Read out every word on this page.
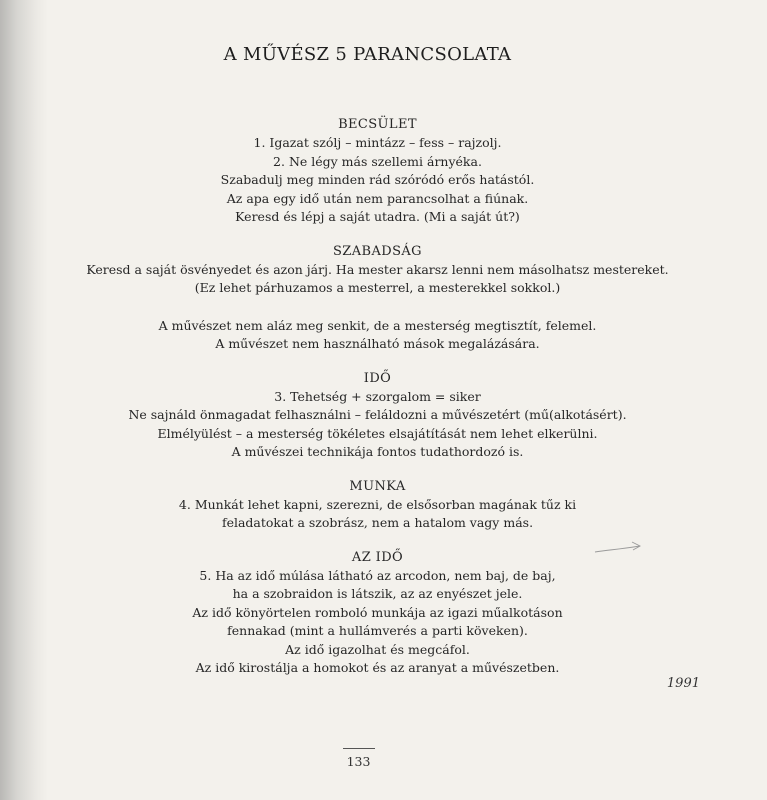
A MŰVÉSZ 5 PARANCSOLATA
BECSÜLET
1. Igazat szólj – mintázz – fess – rajzolj.
2. Ne légy más szellemi árnyéka.
Szabadulj meg minden rád szóródó erős hatástól.
Az apa egy idő után nem parancsolhat a fiúnak.
Keresd és lépj a saját utadra. (Mi a saját út?)
SZABADSÁG
Keresd a saját ösvényedet és azon járj. Ha mester akarsz lenni nem másolhatsz mestereket.
(Ez lehet párhuzamos a mesterrel, a mesterekkel sokkol.)
A művészet nem aláz meg senkit, de a mesterség megtisztít, felemel.
A művészet nem használható mások megalázására.
IDŐ
3. Tehetség + szorgalom = siker
Ne sajnáld önmagadat felhasználni – feláldozni a művészetért (mű(alkotásért).
Elmélyülést – a mesterség tökéletes elsajátítását nem lehet elkerülni.
A művészei technikája fontos tudathordozó is.
MUNKA
4. Munkát lehet kapni, szerezni, de elsősorban magának tűz ki
feladatokat a szobrász, nem a hatalom vagy más.
AZ IDŐ
5. Ha az idő múlása látható az arcodon, nem baj, de baj,
ha a szobraidon is látszik, az az enyészet jele.
Az idő könyörtelen romboló munkája az igazi műalkotáson
fennakad (mint a hullámverés a parti köveken).
Az idő igazolhat és megcáfol.
Az idő kirostálja a homokot és az aranyat a művészetben.
1991
133
